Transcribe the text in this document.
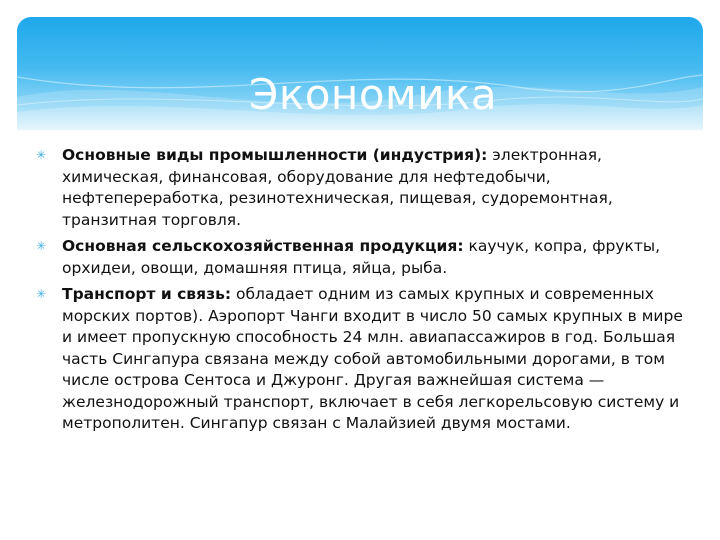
Экономика
✳ Основные виды промышленности (индустрия): электронная, химическая, финансовая, оборудование для нефтедобычи, нефтепереработка, резинотехническая, пищевая, судоремонтная, транзитная торговля.
✳ Основная сельскохозяйственная продукция: каучук, копра, фрукты, орхидеи, овощи, домашняя птица, яйца, рыба.
✳ Транспорт и связь: обладает одним из самых крупных и современных морских портов). Аэропорт Чанги входит в число 50 самых крупных в мире и имеет пропускную способность 24 млн. авиапассажиров в год. Большая часть Сингапура связана между собой автомобильными дорогами, в том числе острова Сентоса и Джуронг. Другая важнейшая система — железнодорожный транспорт, включает в себя легкорельсовую систему и метрополитен. Сингапур связан с Малайзией двумя мостами.
